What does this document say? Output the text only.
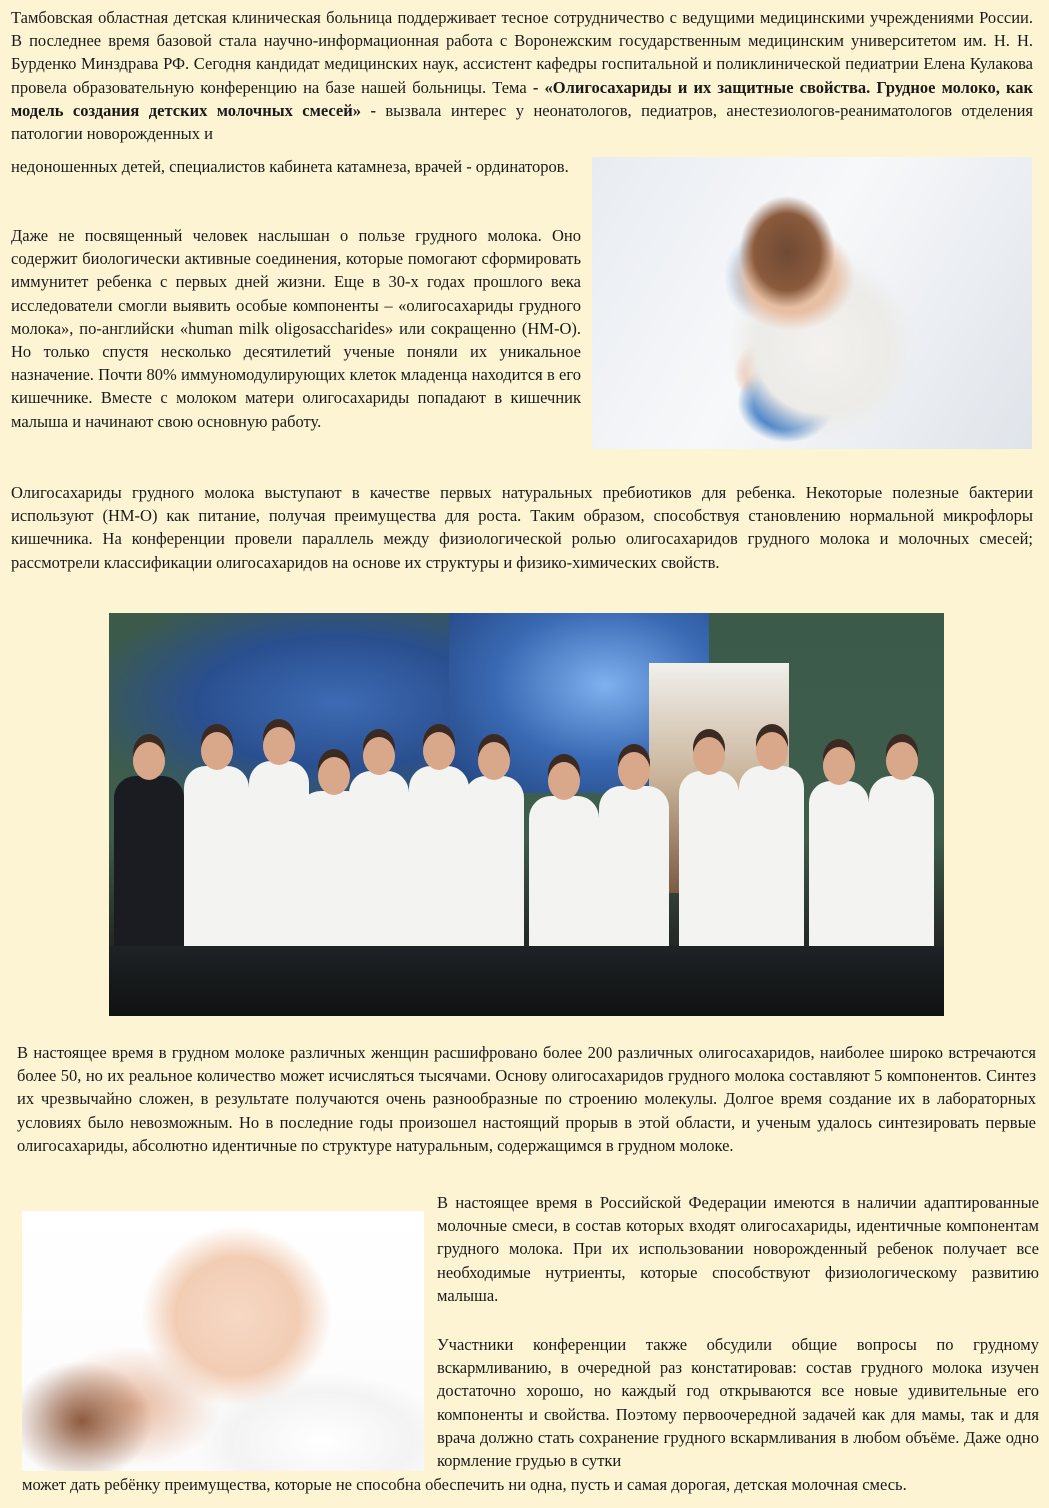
Тамбовская областная детская клиническая больница поддерживает тесное сотрудничество с ведущими медицинскими учреждениями России. В последнее время базовой стала научно-информационная работа с Воронежским государственным медицинским университетом им. Н. Н. Бурденко Минздрава РФ. Сегодня кандидат медицинских наук, ассистент кафедры госпитальной и поликлинической педиатрии Елена Кулакова провела образовательную конференцию на базе нашей больницы. Тема - «Олигосахариды и их защитные свойства. Грудное молоко, как модель создания детских молочных смесей» - вызвала интерес у неонатологов, педиатров, анестезиологов-реаниматологов отделения патологии новорожденных и

недоношенных детей, специалистов кабинета катамнеза, врачей - ординаторов.

Даже не посвященный человек наслышан о пользе грудного молока. Оно содержит биологически активные соединения, которые помогают сформировать иммунитет ребенка с первых дней жизни. Еще в 30-х годах прошлого века исследователи смогли выявить особые компоненты – «олигосахариды грудного молока», по-английски «human milk oligosaccharides» или сокращенно (HM-O). Но только спустя несколько десятилетий ученые поняли их уникальное назначение. Почти 80% иммуномодулирующих клеток младенца находится в его кишечнике. Вместе с молоком матери олигосахариды попадают в кишечник малыша и начинают свою основную работу.

Олигосахариды грудного молока выступают в качестве первых натуральных пребиотиков для ребенка. Некоторые полезные бактерии используют (HM-O) как питание, получая преимущества для роста. Таким образом, способствуя становлению нормальной микрофлоры кишечника. На конференции провели параллель между физиологической ролью олигосахаридов грудного молока и молочных смесей; рассмотрели классификации олигосахаридов на основе их структуры и физико-химических свойств.

В настоящее время в грудном молоке различных женщин расшифровано более 200 различных олигосахаридов, наиболее широко встречаются более 50, но их реальное количество может исчисляться тысячами. Основу олигосахаридов грудного молока составляют 5 компонентов. Синтез их чрезвычайно сложен, в результате получаются очень разнообразные по строению молекулы. Долгое время создание их в лабораторных условиях было невозможным. Но в последние годы произошел настоящий прорыв в этой области, и ученым удалось синтезировать первые олигосахариды, абсолютно идентичные по структуре натуральным, содержащимся в грудном молоке.

В настоящее время в Российской Федерации имеются в наличии адаптированные молочные смеси, в состав которых входят олигосахариды, идентичные компонентам грудного молока. При их использовании новорожденный ребенок получает все необходимые нутриенты, которые способствуют физиологическому развитию малыша.

Участники конференции также обсудили общие вопросы по грудному вскармливанию, в очередной раз констатировав: состав грудного молока изучен достаточно хорошо, но каждый год открываются все новые удивительные его компоненты и свойства. Поэтому первоочередной задачей как для мамы, так и для врача должно стать сохранение грудного вскармливания в любом объёме. Даже одно кормление грудью в сутки

может дать ребёнку преимущества, которые не способна обеспечить ни одна, пусть и самая дорогая, детская молочная смесь.
